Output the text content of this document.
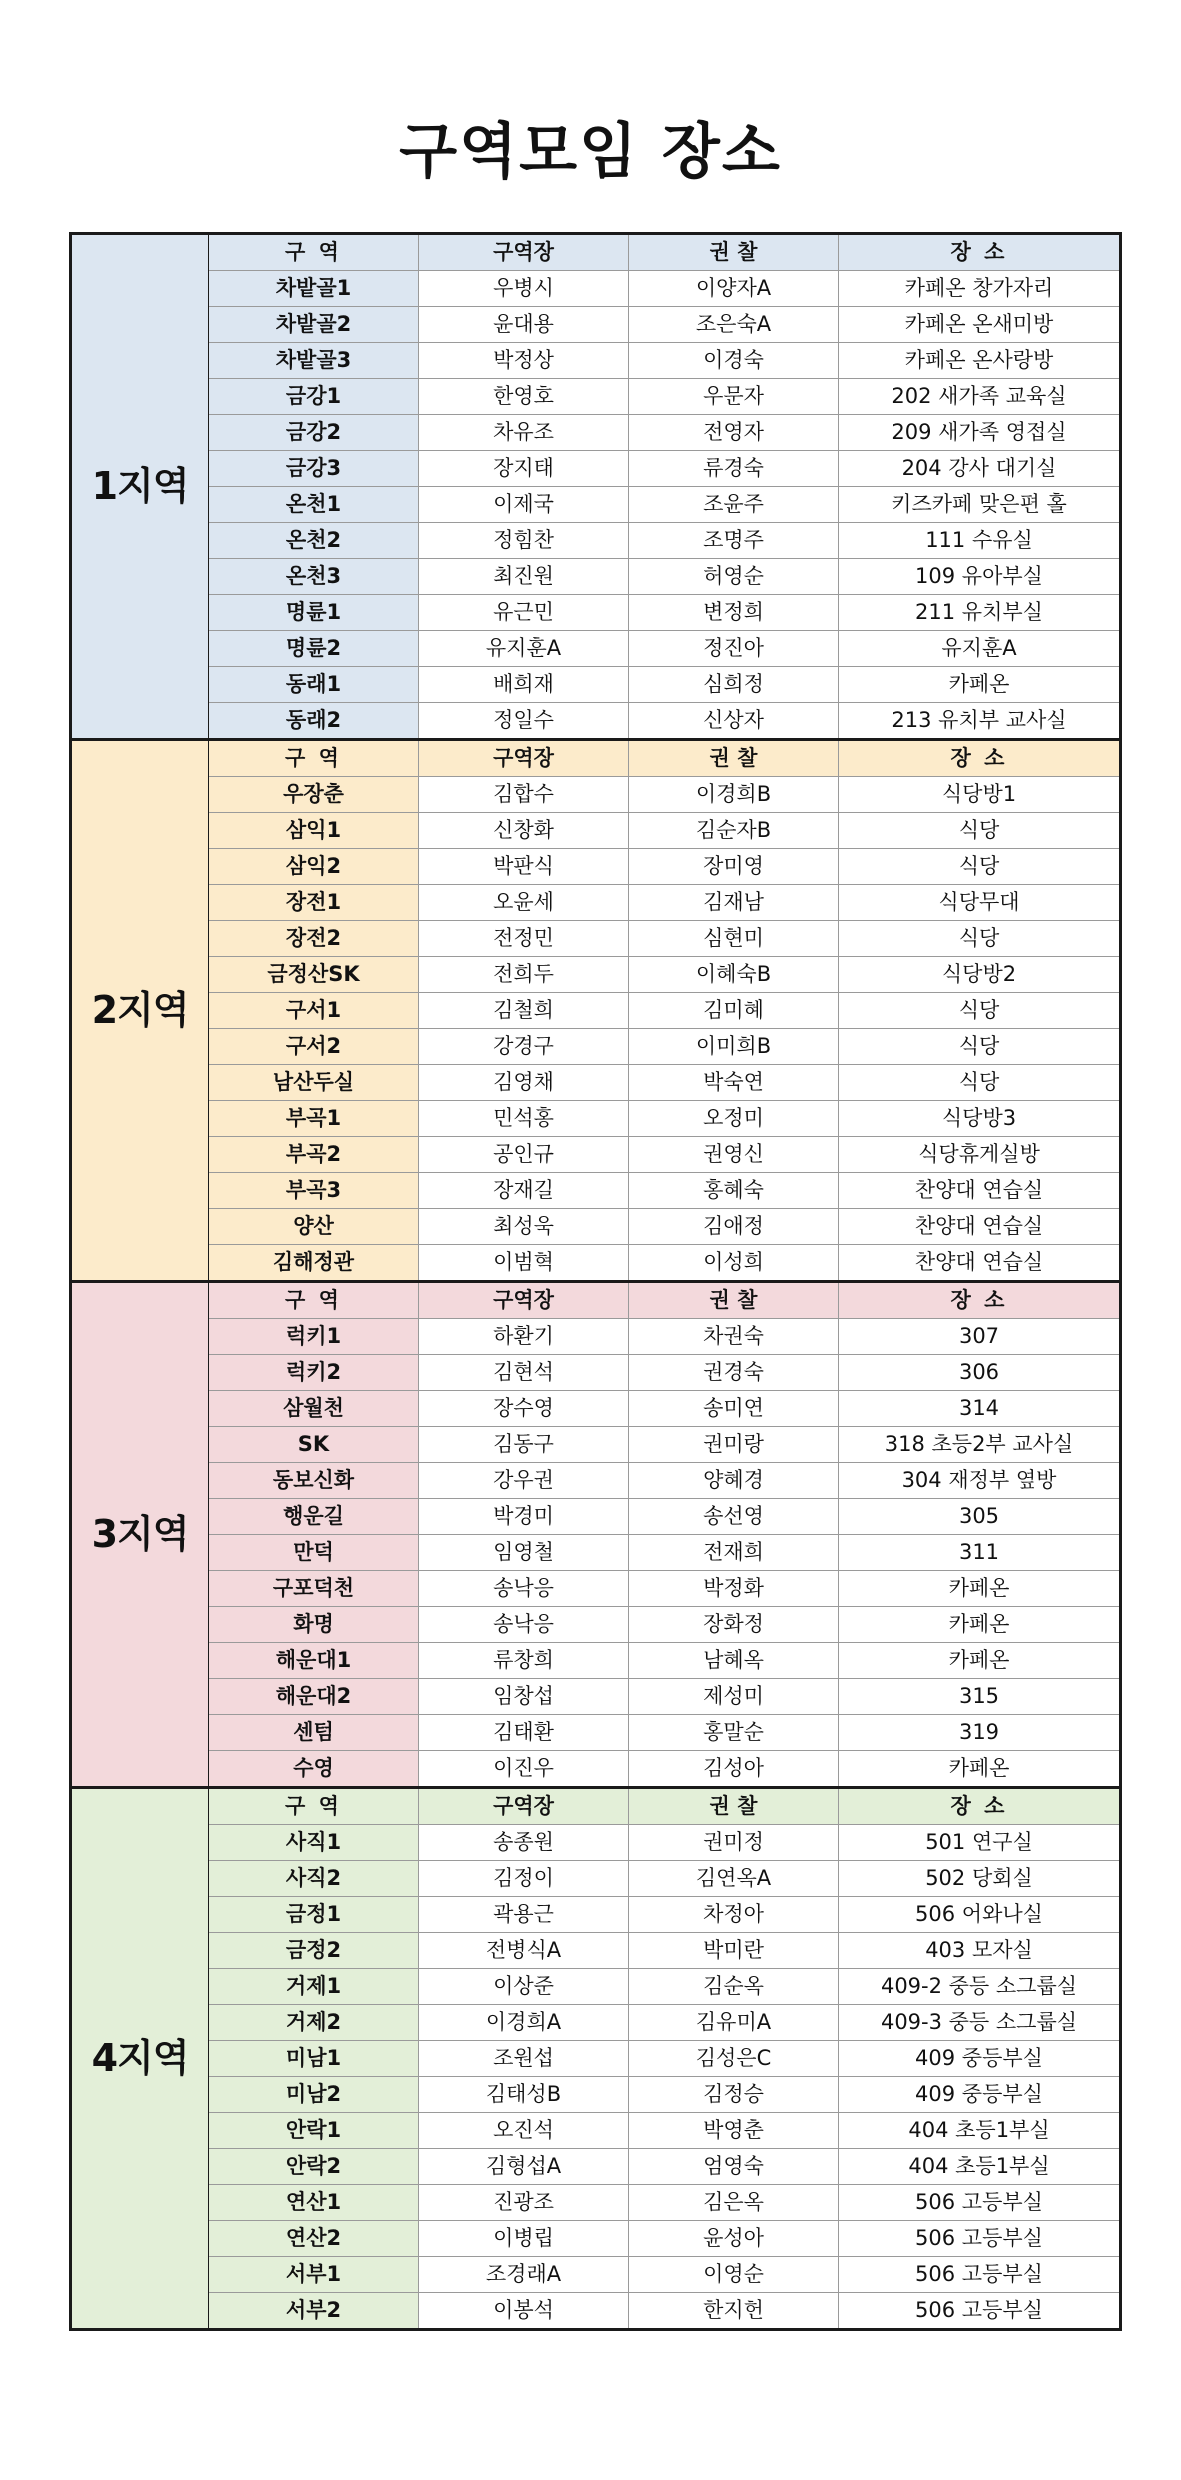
구역모임 장소
1지역	구 역	구역장	권 찰	장 소
	차밭골1	우병시	이양자A	카페온 창가자리
	차밭골2	윤대용	조은숙A	카페온 온새미방
	차밭골3	박정상	이경숙	카페온 온사랑방
	금강1	한영호	우문자	202 새가족 교육실
	금강2	차유조	전영자	209 새가족 영접실
	금강3	장지태	류경숙	204 강사 대기실
	온천1	이제국	조윤주	키즈카페 맞은편 홀
	온천2	정힘찬	조명주	111 수유실
	온천3	최진원	허영순	109 유아부실
	명륜1	유근민	변정희	211 유치부실
	명륜2	유지훈A	정진아	유지훈A
	동래1	배희재	심희정	카페온
	동래2	정일수	신상자	213 유치부 교사실
2지역	구 역	구역장	권 찰	장 소
	우장춘	김합수	이경희B	식당방1
	삼익1	신창화	김순자B	식당
	삼익2	박판식	장미영	식당
	장전1	오윤세	김재남	식당무대
	장전2	전정민	심현미	식당
	금정산SK	전희두	이혜숙B	식당방2
	구서1	김철희	김미혜	식당
	구서2	강경구	이미희B	식당
	남산두실	김영채	박숙연	식당
	부곡1	민석홍	오정미	식당방3
	부곡2	공인규	권영신	식당휴게실방
	부곡3	장재길	홍혜숙	찬양대 연습실
	양산	최성욱	김애정	찬양대 연습실
	김해정관	이범혁	이성희	찬양대 연습실
3지역	구 역	구역장	권 찰	장 소
	럭키1	하환기	차권숙	307
	럭키2	김현석	권경숙	306
	삼월천	장수영	송미연	314
	SK	김동구	권미랑	318 초등2부 교사실
	동보신화	강우권	양혜경	304 재정부 옆방
	행운길	박경미	송선영	305
	만덕	임영철	전재희	311
	구포덕천	송낙응	박정화	카페온
	화명	송낙응	장화정	카페온
	해운대1	류창희	남혜옥	카페온
	해운대2	임창섭	제성미	315
	센텀	김태환	홍말순	319
	수영	이진우	김성아	카페온
4지역	구 역	구역장	권 찰	장 소
	사직1	송종원	권미정	501 연구실
	사직2	김정이	김연옥A	502 당회실
	금정1	곽용근	차정아	506 어와나실
	금정2	전병식A	박미란	403 모자실
	거제1	이상준	김순옥	409-2 중등 소그룹실
	거제2	이경희A	김유미A	409-3 중등 소그룹실
	미남1	조원섭	김성은C	409 중등부실
	미남2	김태성B	김정승	409 중등부실
	안락1	오진석	박영춘	404 초등1부실
	안락2	김형섭A	엄영숙	404 초등1부실
	연산1	진광조	김은옥	506 고등부실
	연산2	이병립	윤성아	506 고등부실
	서부1	조경래A	이영순	506 고등부실
	서부2	이봉석	한지헌	506 고등부실
